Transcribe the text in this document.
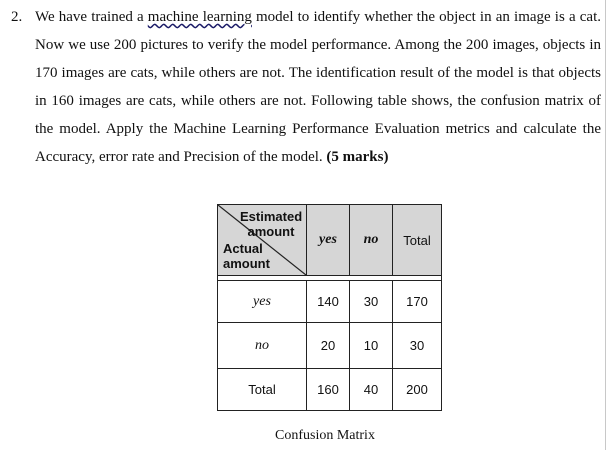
2. We have trained a machine learning model to identify whether the object in an image is a cat. Now we use 200 pictures to verify the model performance. Among the 200 images, objects in 170 images are cats, while others are not. The identification result of the model is that objects in 160 images are cats, while others are not. Following table shows, the confusion matrix of the model. Apply the Machine Learning Performance Evaluation metrics and calculate the Accuracy, error rate and Precision of the model. (5 marks)
Estimated amount
Actual amount	yes	no	Total

yes	140	30	170
no	20	10	30
Total	160	40	200
Confusion Matrix
